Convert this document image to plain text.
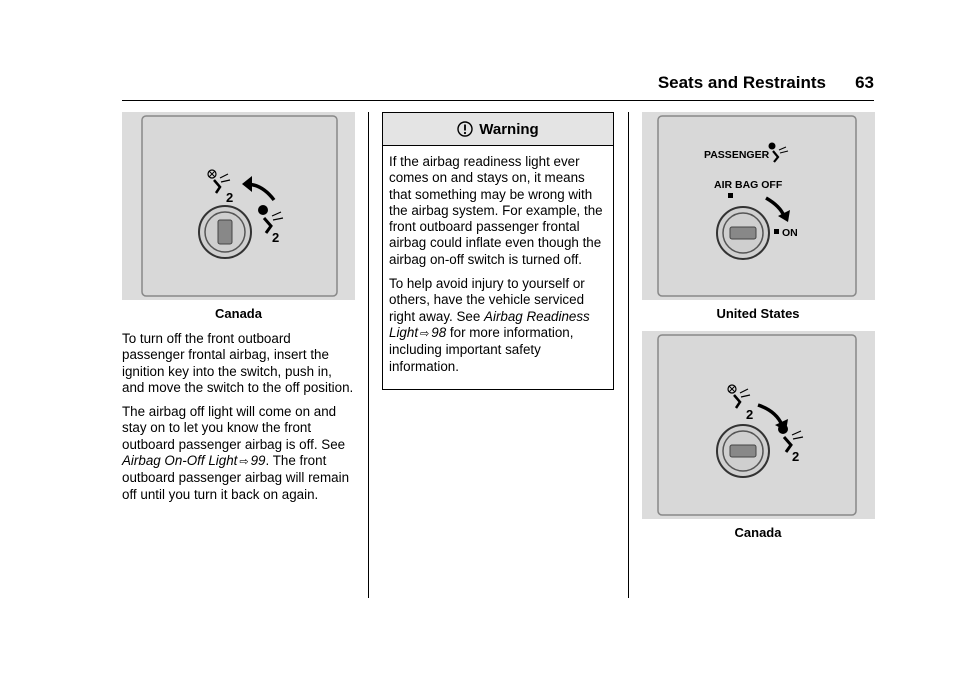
Seats and Restraints 63
2
2
Canada

To turn off the front outboard passenger frontal airbag, insert the ignition key into the switch, push in, and move the switch to the off position.

The airbag off light will come on and stay on to let you know the front outboard passenger airbag is off. See Airbag On-Off Light ⇨ 99. The front outboard passenger airbag will remain off until you turn it back on again.

Warning

If the airbag readiness light ever comes on and stays on, it means that something may be wrong with the airbag system. For example, the front outboard passenger frontal airbag could inflate even though the airbag on-off switch is turned off.

To help avoid injury to yourself or others, have the vehicle serviced right away. See Airbag Readiness Light ⇨ 98 for more information, including important safety information.

PASSENGER
AIR BAG OFF
ON
United States
2
2
Canada
